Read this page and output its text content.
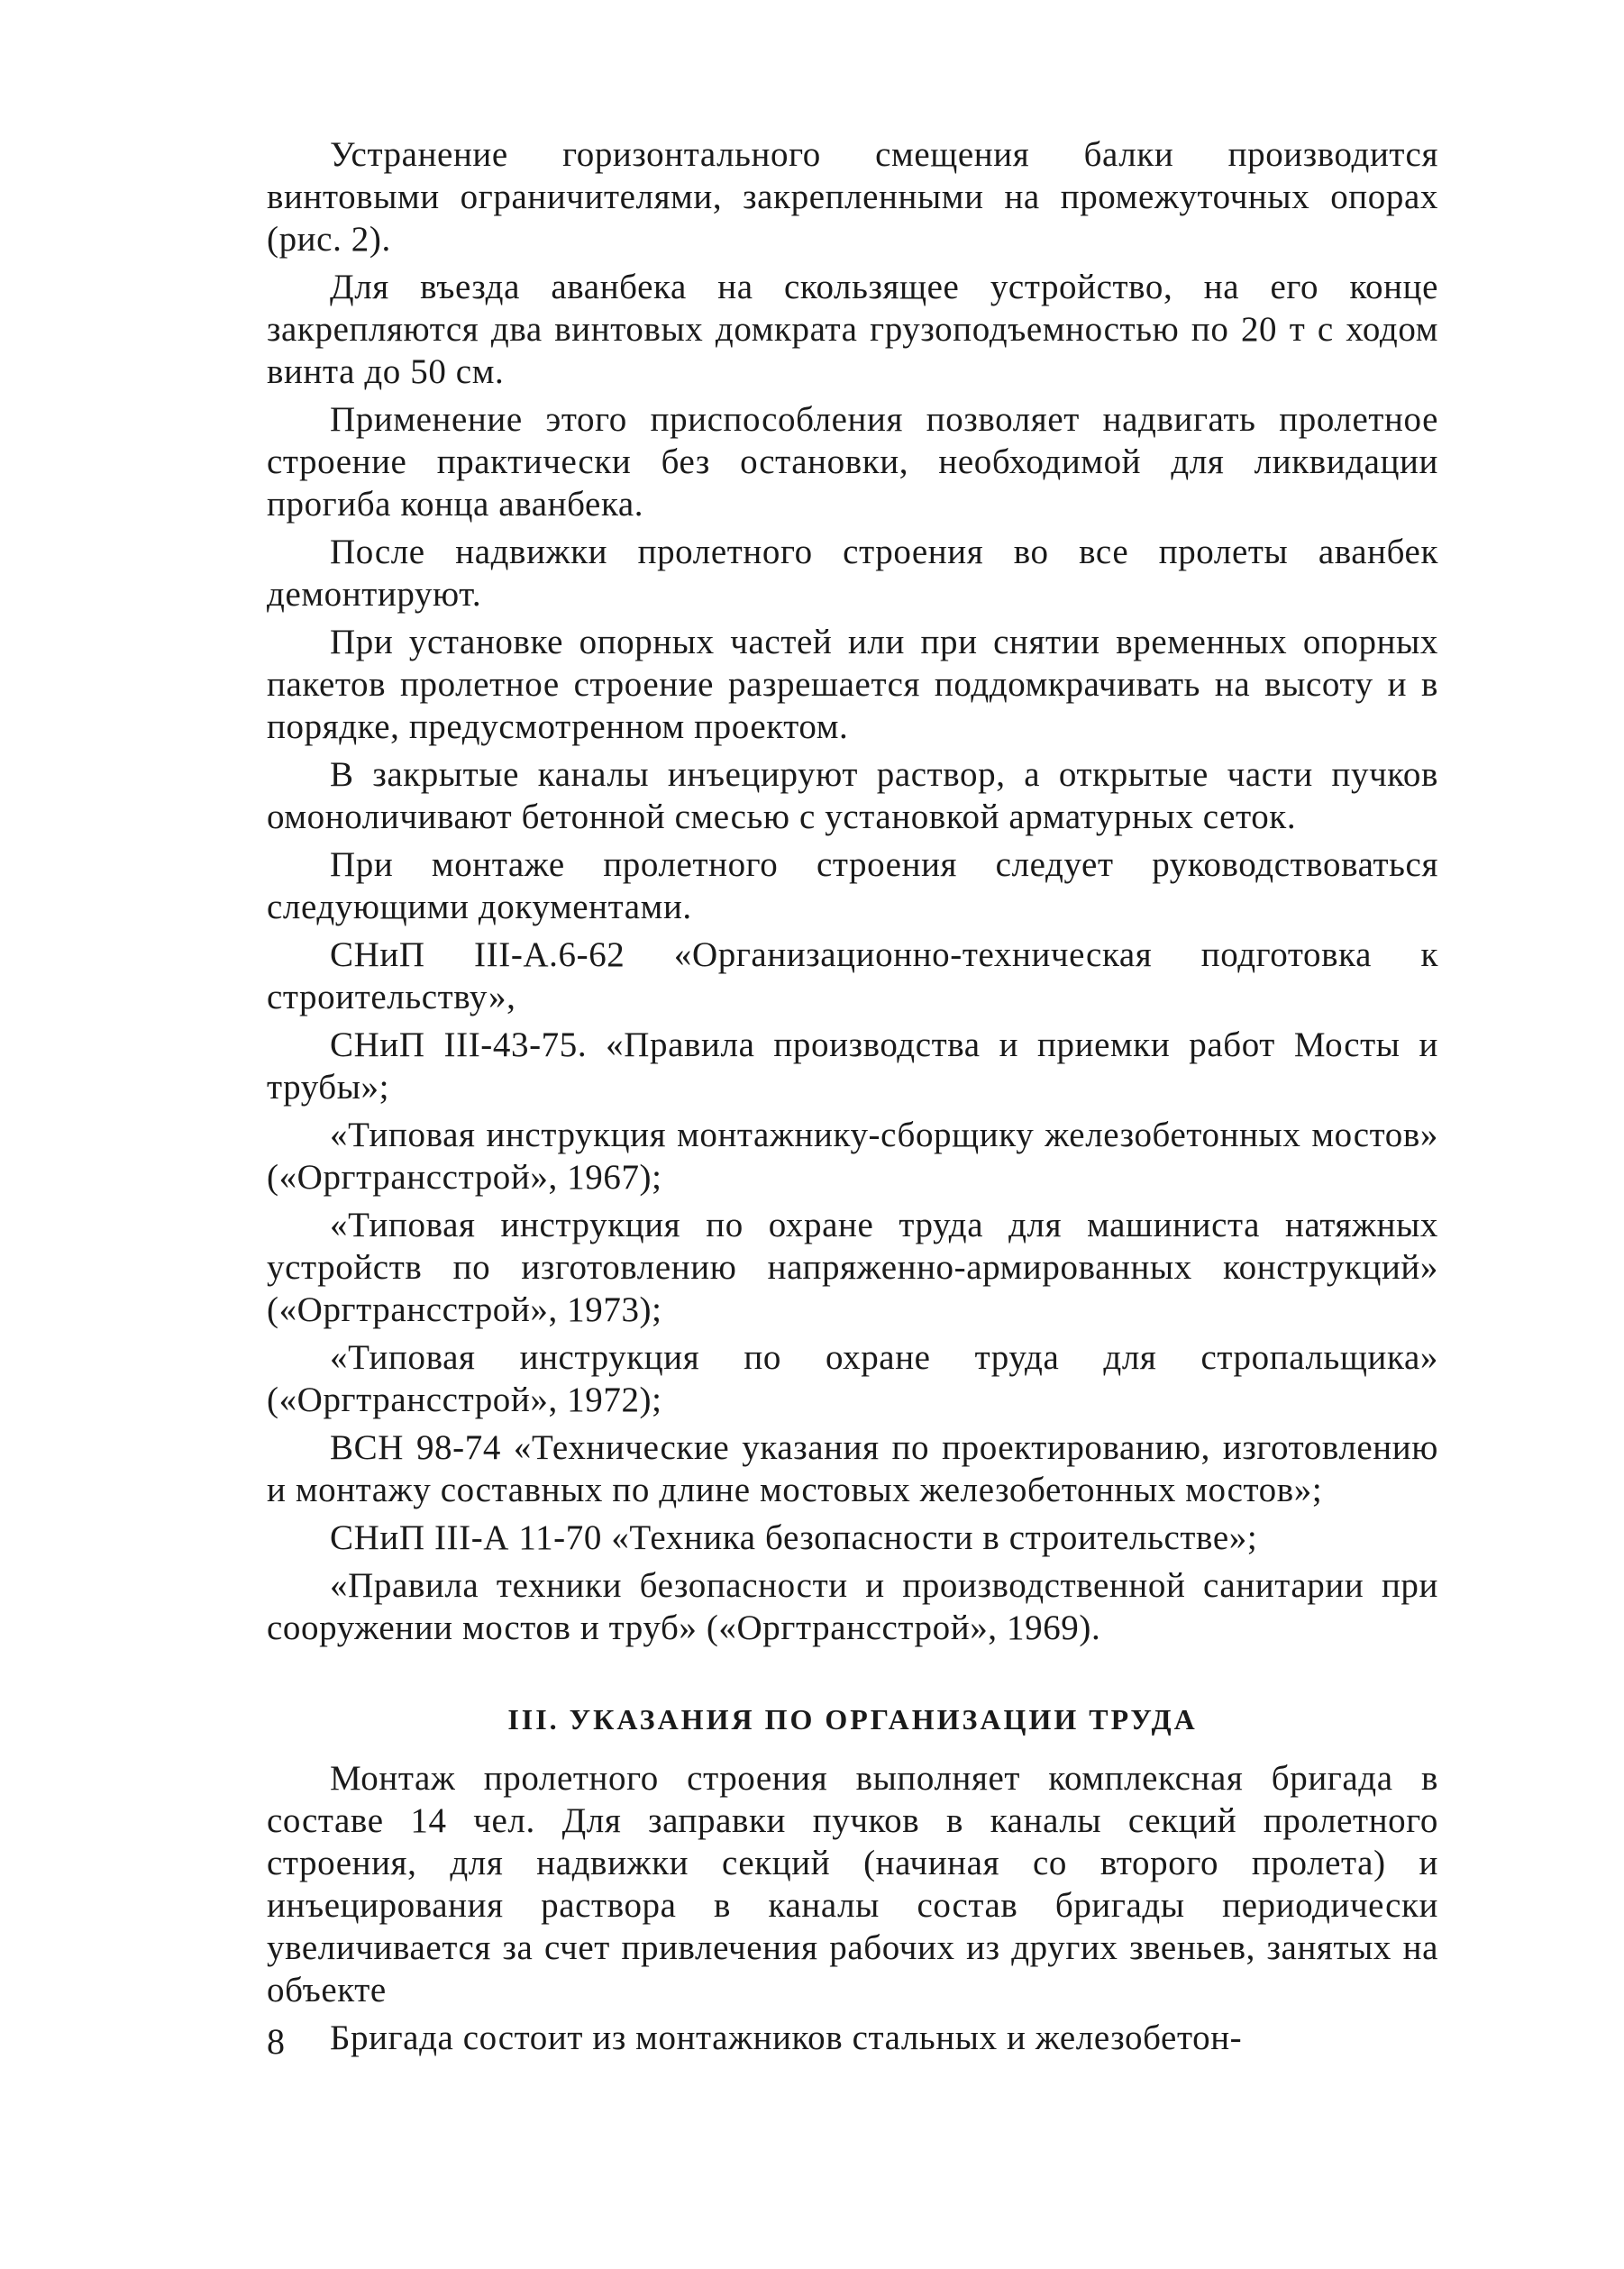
Устранение горизонтального смещения балки производится винтовыми ограничителями, закрепленными на промежуточных опорах (рис. 2).

Для въезда аванбека на скользящее устройство, на его конце закрепляются два винтовых домкрата грузоподъемностью по 20 т с ходом винта до 50 см.

Применение этого приспособления позволяет надвигать пролетное строение практически без остановки, необходимой для ликвидации прогиба конца аванбека.

После надвижки пролетного строения во все пролеты аванбек демонтируют.

При установке опорных частей или при снятии временных опорных пакетов пролетное строение разрешается поддомкрачивать на высоту и в порядке, предусмотренном проектом.

В закрытые каналы инъецируют раствор, а открытые части пучков омоноличивают бетонной смесью с установкой арматурных сеток.

При монтаже пролетного строения следует руководствоваться следующими документами.

СНиП III-А.6-62 «Организационно-техническая подготовка к строительству»,

СНиП III-43-75. «Правила производства и приемки работ Мосты и трубы»;

«Типовая инструкция монтажнику-сборщику железобетонных мостов» («Оргтрансстрой», 1967);

«Типовая инструкция по охране труда для машиниста натяжных устройств по изготовлению напряженно-армированных конструкций» («Оргтрансстрой», 1973);

«Типовая инструкция по охране труда для стропальщика» («Оргтрансстрой», 1972);

ВСН 98-74 «Технические указания по проектированию, изготовлению и монтажу составных по длине мостовых железобетонных мостов»;

СНиП III-А 11-70 «Техника безопасности в строительстве»;

«Правила техники безопасности и производственной санитарии при сооружении мостов и труб» («Оргтрансстрой», 1969).

III. УКАЗАНИЯ ПО ОРГАНИЗАЦИИ ТРУДА

Монтаж пролетного строения выполняет комплексная бригада в составе 14 чел. Для заправки пучков в каналы секций пролетного строения, для надвижки секций (начиная со второго пролета) и инъецирования раствора в каналы состав бригады периодически увеличивается за счет привлечения рабочих из других звеньев, занятых на объекте

Бригада состоит из монтажников стальных и железобетон-

8
